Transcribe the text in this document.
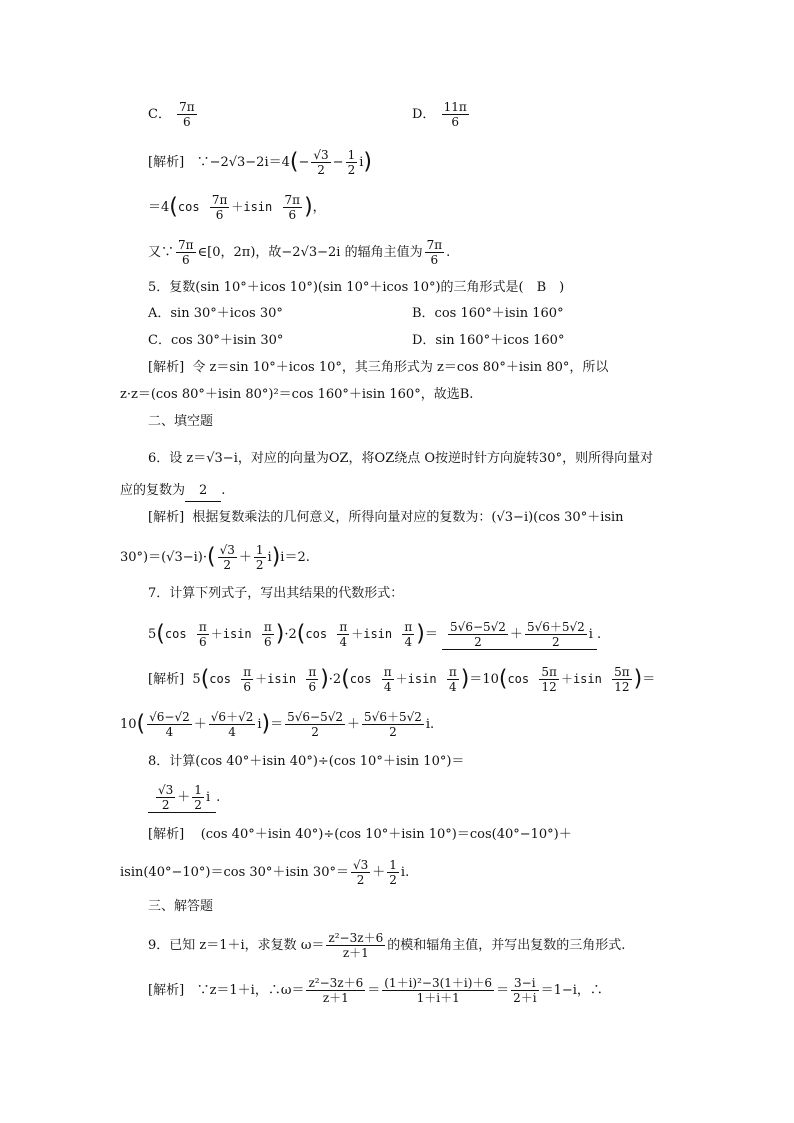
C． $\frac{7\pi}{6}$	D． $\frac{11\pi}{6}$
[解析] ∵−2√3−2i＝4(− $\frac{√3}{2} - \frac{1}{2} i$)
$=4(\cos \frac{7\pi}{6} +isin \frac{7\pi}{6}$ )，
又∵ $\frac{7\pi}{6}$ ∈[0，2π)，故−2√3−2i 的辐角主值为 $\frac{7\pi}{6}$ .
5．复数(sin 10°＋icos 10°)(sin 10°＋icos 10°)的三角形式是(　B　)
A．sin 30°＋icos 30°	B．cos 160°＋isin 160°
C．cos 30°＋isin 30°	D．sin 160°＋icos 160°
[解析] 令 z＝sin 10°＋icos 10°，其三角形式为 z＝cos 80°＋isin 80°，所以
z·z＝(cos 80°＋isin 80°)²＝cos 160°＋isin 160°，故选B.
二、填空题
6．设 z＝√3−i，对应的向量为OZ，将OZ绕点 O按逆时针方向旋转30°，则所得向量对
应的复数为 2 .
[解析] 根据复数乘法的几何意义，所得向量对应的复数为：(√3−i)(cos 30°＋isin
$30^\circ)=(√3-i)\cdot( \frac{√3}{2} + \frac{1}{2} i)i=2$.
7．计算下列式子，写出其结果的代数形式：
$5(\cos \frac{\pi}{6} +isin \frac{\pi}{6} )\cdot 2(\cos \frac{\pi}{4} +isin \frac{\pi}{4}$ )＝ $\frac{5√6-5√2}{2} + \frac{5√6+5√2}{2}$ i .
[解析] $5(\cos \frac{\pi}{6} +isin \frac{\pi}{6} )\cdot 2(\cos \frac{\pi}{4} +isin \frac{\pi}{4} )=10(\cos \frac{5\pi}{12} +isin \frac{5\pi}{12}$ )＝
$10( \frac{√6-√2}{4} + \frac{√6+√2}{4} i)= \frac{5√6-5√2}{2} + \frac{5√6+5√2}{2} i$.
8．计算(cos 40°＋isin 40°)÷(cos 10°＋isin 10°)＝
$\frac{√3}{2} + \frac{1}{2}$ i .
[解析] (cos 40°＋isin 40°)÷(cos 10°＋isin 10°)＝cos(40°−10°)＋
isin(40°−10°)＝cos 30°＋isin $30^\circ= \frac{√3}{2} + \frac{1}{2} i$.
三、解答题
9．已知 z＝1＋i，求复数 $\omega= \frac{\text{z²−3z＋6}}{z+1}$ 的模和辐角主值，并写出复数的三角形式.
[解析] ∵z＝1＋i，∴ω＝ $\frac{\text{z²−3z＋6}}{z+1} = \frac{\text{(1＋i)²−3(1＋i)＋6}}{1+i+1} = \frac{3-i}{2+i} =1-i$，∴
